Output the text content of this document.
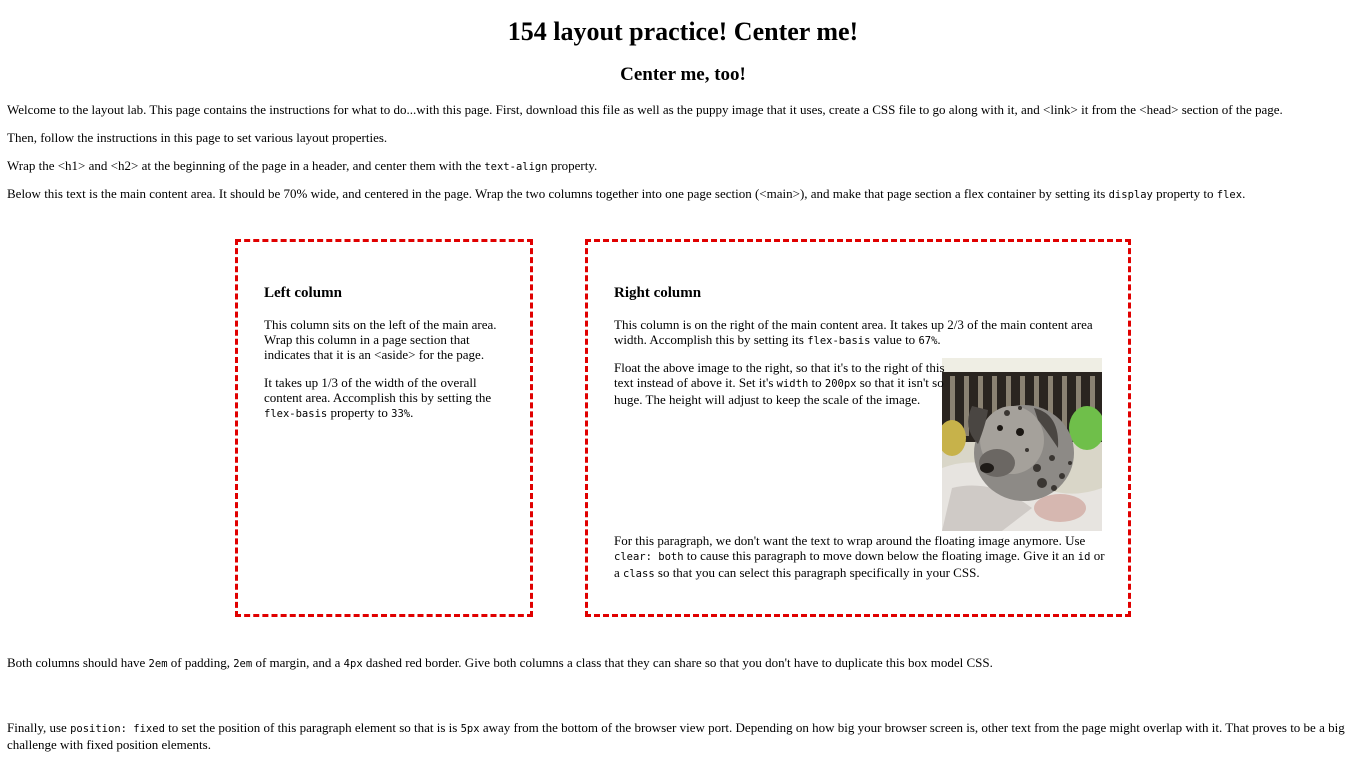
154 layout practice! Center me!
Center me, too!

Welcome to the layout lab. This page contains the instructions for what to do...with this page. First, download this file as well as the puppy image that it uses, create a CSS file to go along with it, and <link> it from the <head> section of the page.

Then, follow the instructions in this page to set various layout properties.

Wrap the <h1> and <h2> at the beginning of the page in a header, and center them with the text-align property.

Below this text is the main content area. It should be 70% wide, and centered in the page. Wrap the two columns together into one page section (<main>), and make that page section a flex container by setting its display property to flex.

Left column

This column sits on the left of the main area.
Wrap this column in a page section that
indicates that it is an <aside> for the page.

It takes up 1/3 of the width of the overall
content area. Accomplish this by setting the
flex-basis property to 33%.

Right column

This column is on the right of the main content area. It takes up 2/3 of the main content area
width. Accomplish this by setting its flex-basis value to 67%.

Float the above image to the right, so that it's to the right of this
text instead of above it. Set it's width to 200px so that it isn't so
huge. The height will adjust to keep the scale of the image.

For this paragraph, we don't want the text to wrap around the floating image anymore. Use
clear: both to cause this paragraph to move down below the floating image. Give it an id or
a class so that you can select this paragraph specifically in your CSS.

Both columns should have 2em of padding, 2em of margin, and a 4px dashed red border. Give both columns a class that they can share so that you don't have to duplicate this box model CSS.

Finally, use position: fixed to set the position of this paragraph element so that is is 5px away from the bottom of the browser view port. Depending on how big your browser screen is, other text from the page might overlap with it. That proves to be a big challenge with fixed position elements.
